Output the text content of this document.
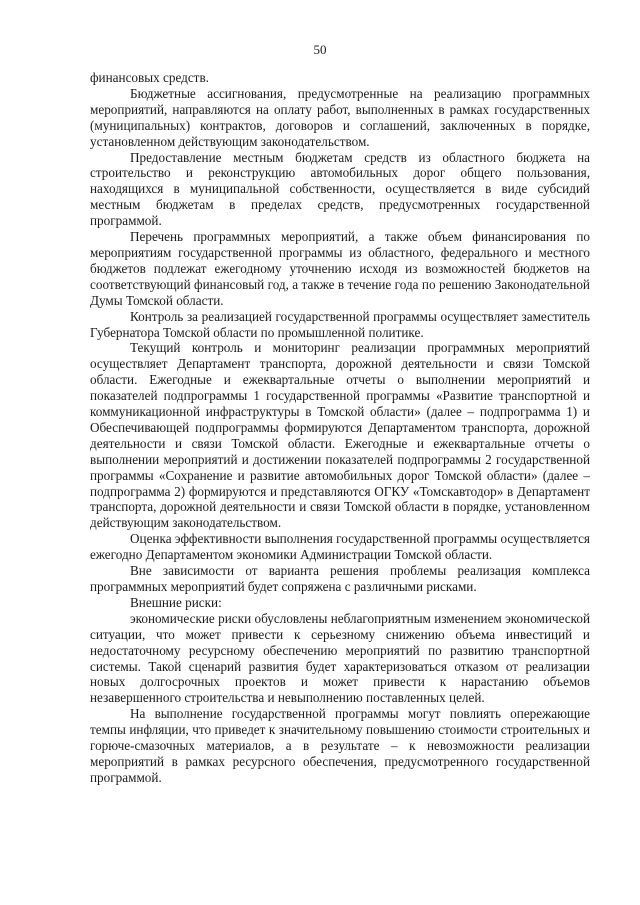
50

финансовых средств.

Бюджетные ассигнования, предусмотренные на реализацию программных мероприятий, направляются на оплату работ, выполненных в рамках государственных (муниципальных) контрактов, договоров и соглашений, заключенных в порядке, установленном действующим законодательством.

Предоставление местным бюджетам средств из областного бюджета на строительство и реконструкцию автомобильных дорог общего пользования, находящихся в муниципальной собственности, осуществляется в виде субсидий местным бюджетам в пределах средств, предусмотренных государственной программой.

Перечень программных мероприятий, а также объем финансирования по мероприятиям государственной программы из областного, федерального и местного бюджетов подлежат ежегодному уточнению исходя из возможностей бюджетов на соответствующий финансовый год, а также в течение года по решению Законодательной Думы Томской области.

Контроль за реализацией государственной программы осуществляет заместитель Губернатора Томской области по промышленной политике.

Текущий контроль и мониторинг реализации программных мероприятий осуществляет Департамент транспорта, дорожной деятельности и связи Томской области. Ежегодные и ежеквартальные отчеты о выполнении мероприятий и показателей подпрограммы 1 государственной программы «Развитие транспортной и коммуникационной инфраструктуры в Томской области» (далее – подпрограмма 1) и Обеспечивающей подпрограммы формируются Департаментом транспорта, дорожной деятельности и связи Томской области. Ежегодные и ежеквартальные отчеты о выполнении мероприятий и достижении показателей подпрограммы 2 государственной программы «Сохранение и развитие автомобильных дорог Томской области» (далее – подпрограмма 2) формируются и представляются ОГКУ «Томскавтодор» в Департамент транспорта, дорожной деятельности и связи Томской области в порядке, установленном действующим законодательством.

Оценка эффективности выполнения государственной программы осуществляется ежегодно Департаментом экономики Администрации Томской области.

Вне зависимости от варианта решения проблемы реализация комплекса программных мероприятий будет сопряжена с различными рисками.

Внешние риски:

экономические риски обусловлены неблагоприятным изменением экономической ситуации, что может привести к серьезному снижению объема инвестиций и недостаточному ресурсному обеспечению мероприятий по развитию транспортной системы. Такой сценарий развития будет характеризоваться отказом от реализации новых долгосрочных проектов и может привести к нарастанию объемов незавершенного строительства и невыполнению поставленных целей.

На выполнение государственной программы могут повлиять опережающие темпы инфляции, что приведет к значительному повышению стоимости строительных и горюче-смазочных материалов, а в результате – к невозможности реализации мероприятий в рамках ресурсного обеспечения, предусмотренного государственной программой.
